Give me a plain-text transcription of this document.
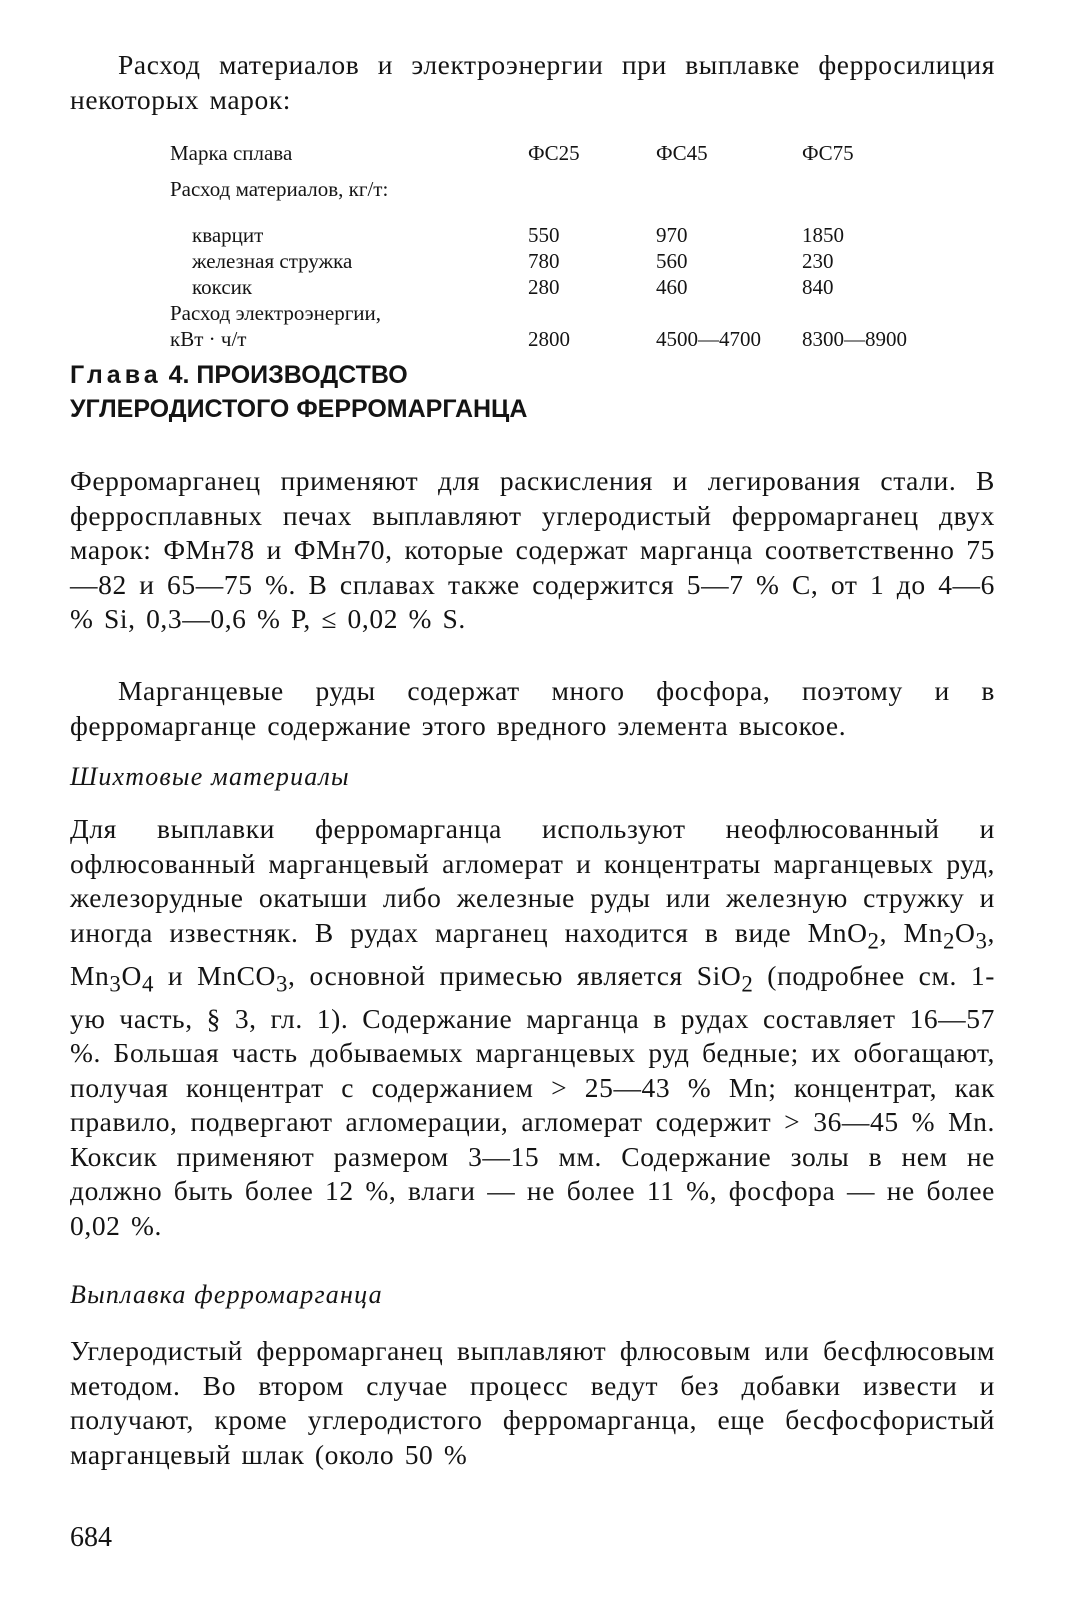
Расход материалов и электроэнергии при выплавке ферросилиция некоторых марок:
Марка сплава	ФС25	ФС45	ФС75
Расход материалов, кг/т:
кварцит	550	970	1850
железная стружка	780	560	230
коксик	280	460	840
Расход электроэнергии,
кВт · ч/т	2800	4500—4700	8300—8900
Глава 4. ПРОИЗВОДСТВО
УГЛЕРОДИСТОГО ФЕРРОМАРГАНЦА
Ферромарганец применяют для раскисления и легирования стали. В ферросплавных печах выплавляют углеродистый ферромарганец двух марок: ФМн78 и ФМн70, которые содержат марганца соответственно 75—82 и 65—75 %. В сплавах также содержится 5—7 % С, от 1 до 4—6 % Si, 0,3—0,6 % Р, ≤ 0,02 % S.
Марганцевые руды содержат много фосфора, поэтому и в ферромарганце содержание этого вредного элемента высокое.
Шихтовые материалы
Для выплавки ферромарганца используют неофлюсованный и офлюсованный марганцевый агломерат и концентраты марганцевых руд, железорудные окатыши либо железные руды или железную стружку и иногда известняк. В рудах марганец находится в виде MnO$_2$, $Mn_2O_3$, $Mn_3O_4$ и MnCO$_3$, основной примесью является SiO$_2$ (подробнее см. 1-ую часть, § 3, гл. 1). Содержание марганца в рудах составляет 16—57 %. Большая часть добываемых марганцевых руд бедные; их обогащают, получая концентрат с содержанием > 25—43 % Mn; концентрат, как правило, подвергают агломерации, агломерат содержит > 36—45 % Mn. Коксик применяют размером 3—15 мм. Содержание золы в нем не должно быть более 12 %, влаги — не более 11 %, фосфора — не более 0,02 %.
Выплавка ферромарганца
Углеродистый ферромарганец выплавляют флюсовым или бесфлюсовым методом. Во втором случае процесс ведут без добавки извести и получают, кроме углеродистого ферромарганца, еще бесфосфористый марганцевый шлак (около 50 %
684
